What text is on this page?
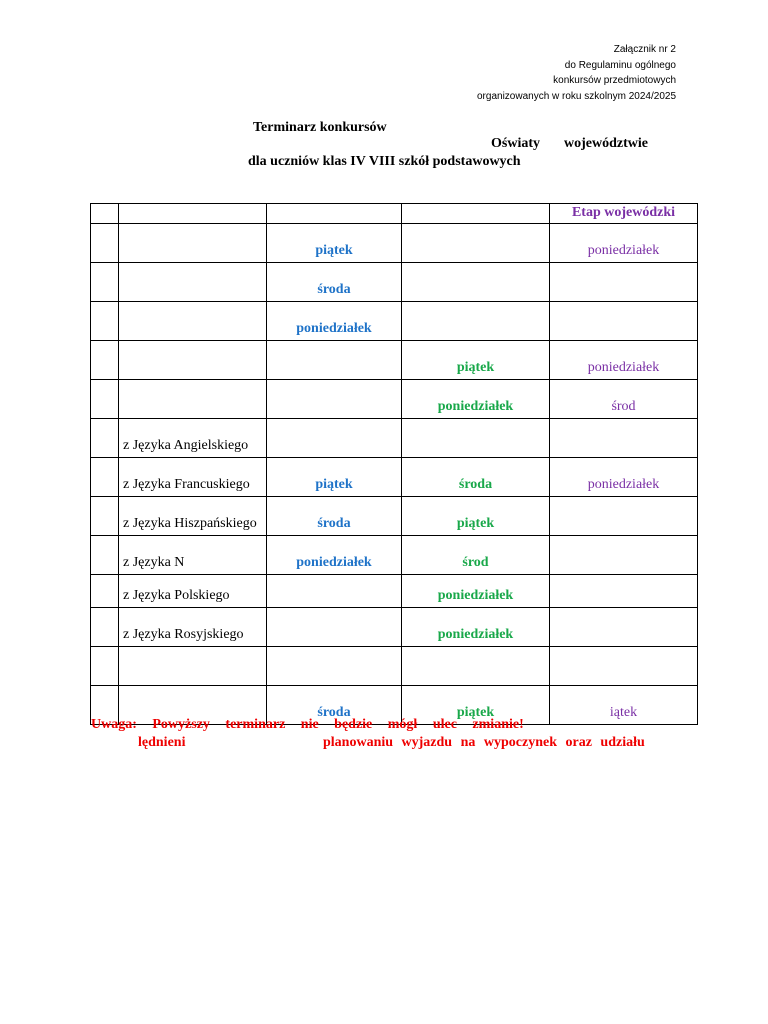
Załącznik nr 2
do Regulaminu ogólnego
konkursów przedmiotowych
organizowanych w roku szkolnym 2024/2025
Terminarz konkursów
Oświaty województwie
dla uczniów klas IV VIII szkół podstawowych
				Etap wojewódzki
		piątek		poniedziałek
		środa		
		poniedziałek		
			piątek	poniedziałek
			poniedziałek	środ
	z Języka Angielskiego			
	z Języka Francuskiego	piątek	środa	poniedziałek
	z Języka Hiszpańskiego	środa	piątek	
	z Języka N	poniedziałek	środ	
	z Języka Polskiego		poniedziałek	
	z Języka Rosyjskiego		poniedziałek	

		środa	piątek	iątek
Uwaga: Powyższy terminarz nie będzie mógł ulec zmianie!
lędnieni	planowaniu wyjazdu na wypoczynek oraz udziału
